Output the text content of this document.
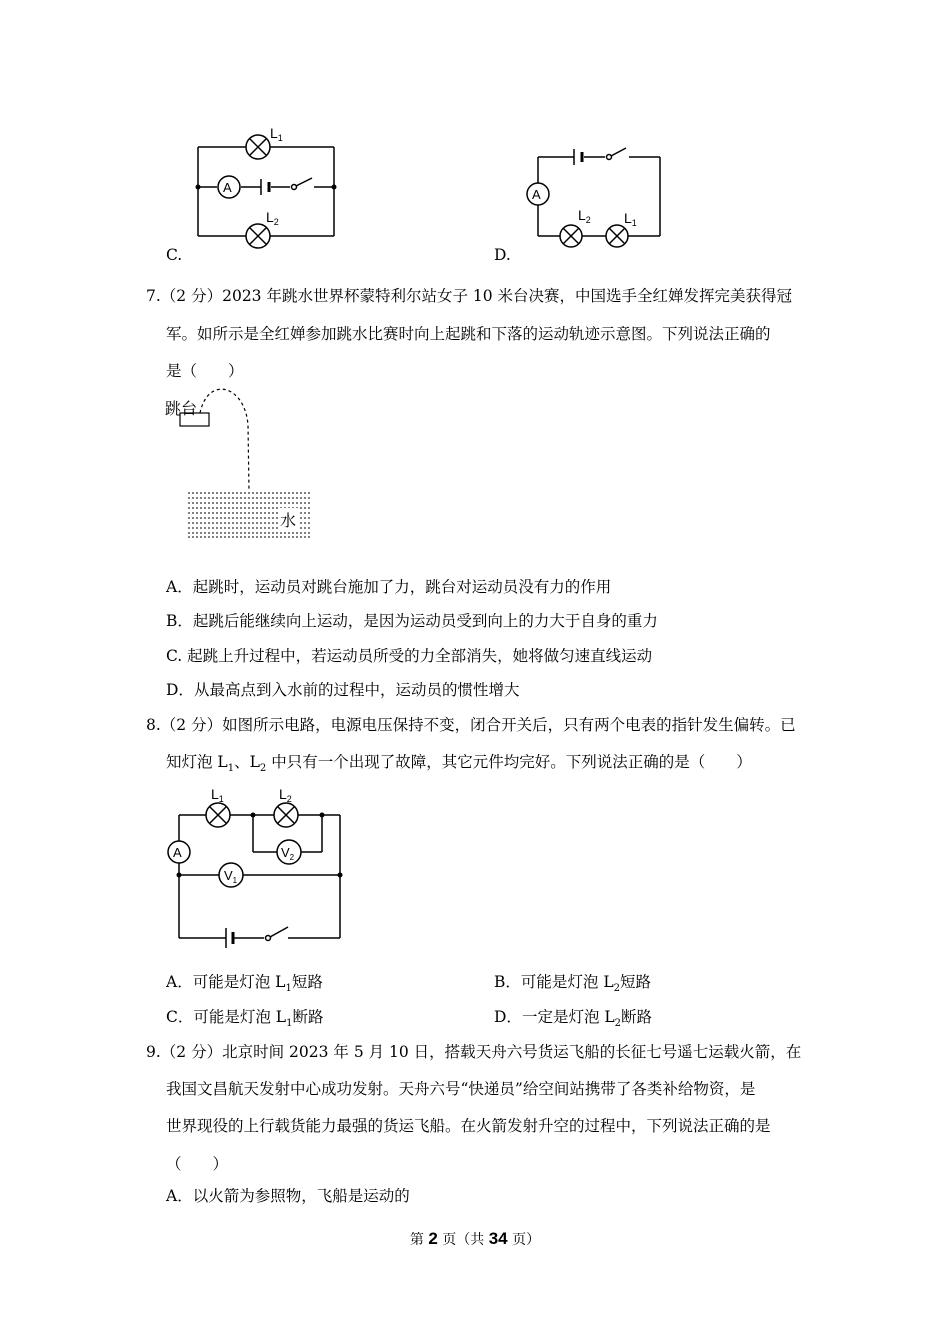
A
$L_1$
$L_2$
C.
A
$L_2$ $L_1$
D.
7.（2 分）2023 年跳水世界杯蒙特利尔站女子 10 米台决赛，中国选手全红婵发挥完美获得冠
军。如所示是全红婵参加跳水比赛时向上起跳和下落的运动轨迹示意图。下列说法正确的
是（　　）
跳台
水
A．起跳时，运动员对跳台施加了力，跳台对运动员没有力的作用
B．起跳后能继续向上运动，是因为运动员受到向上的力大于自身的重力
C. 起跳上升过程中，若运动员所受的力全部消失，她将做匀速直线运动
D．从最高点到入水前的过程中，运动员的惯性增大
8.（2 分）如图所示电路，电源电压保持不变，闭合开关后，只有两个电表的指针发生偏转。已
知灯泡 $L_1$、$L_2$ 中只有一个出现了故障，其它元件均完好。下列说法正确的是（　　）
A	$V_2$
$V_1$
$L_1$	$L_2$
A．可能是灯泡 $L_1$短路	B．可能是灯泡 $L_2$短路
C．可能是灯泡 $L_1$断路	D．一定是灯泡 $L_2$断路
9.（2 分）北京时间 2023 年 5 月 10 日，搭载天舟六号货运飞船的长征七号遥七运载火箭，在
我国文昌航天发射中心成功发射。天舟六号“快递员”给空间站携带了各类补给物资，是
世界现役的上行载货能力最强的货运飞船。在火箭发射升空的过程中，下列说法正确的是
（　　）
A．以火箭为参照物，飞船是运动的
第 2 页（共 34 页）
